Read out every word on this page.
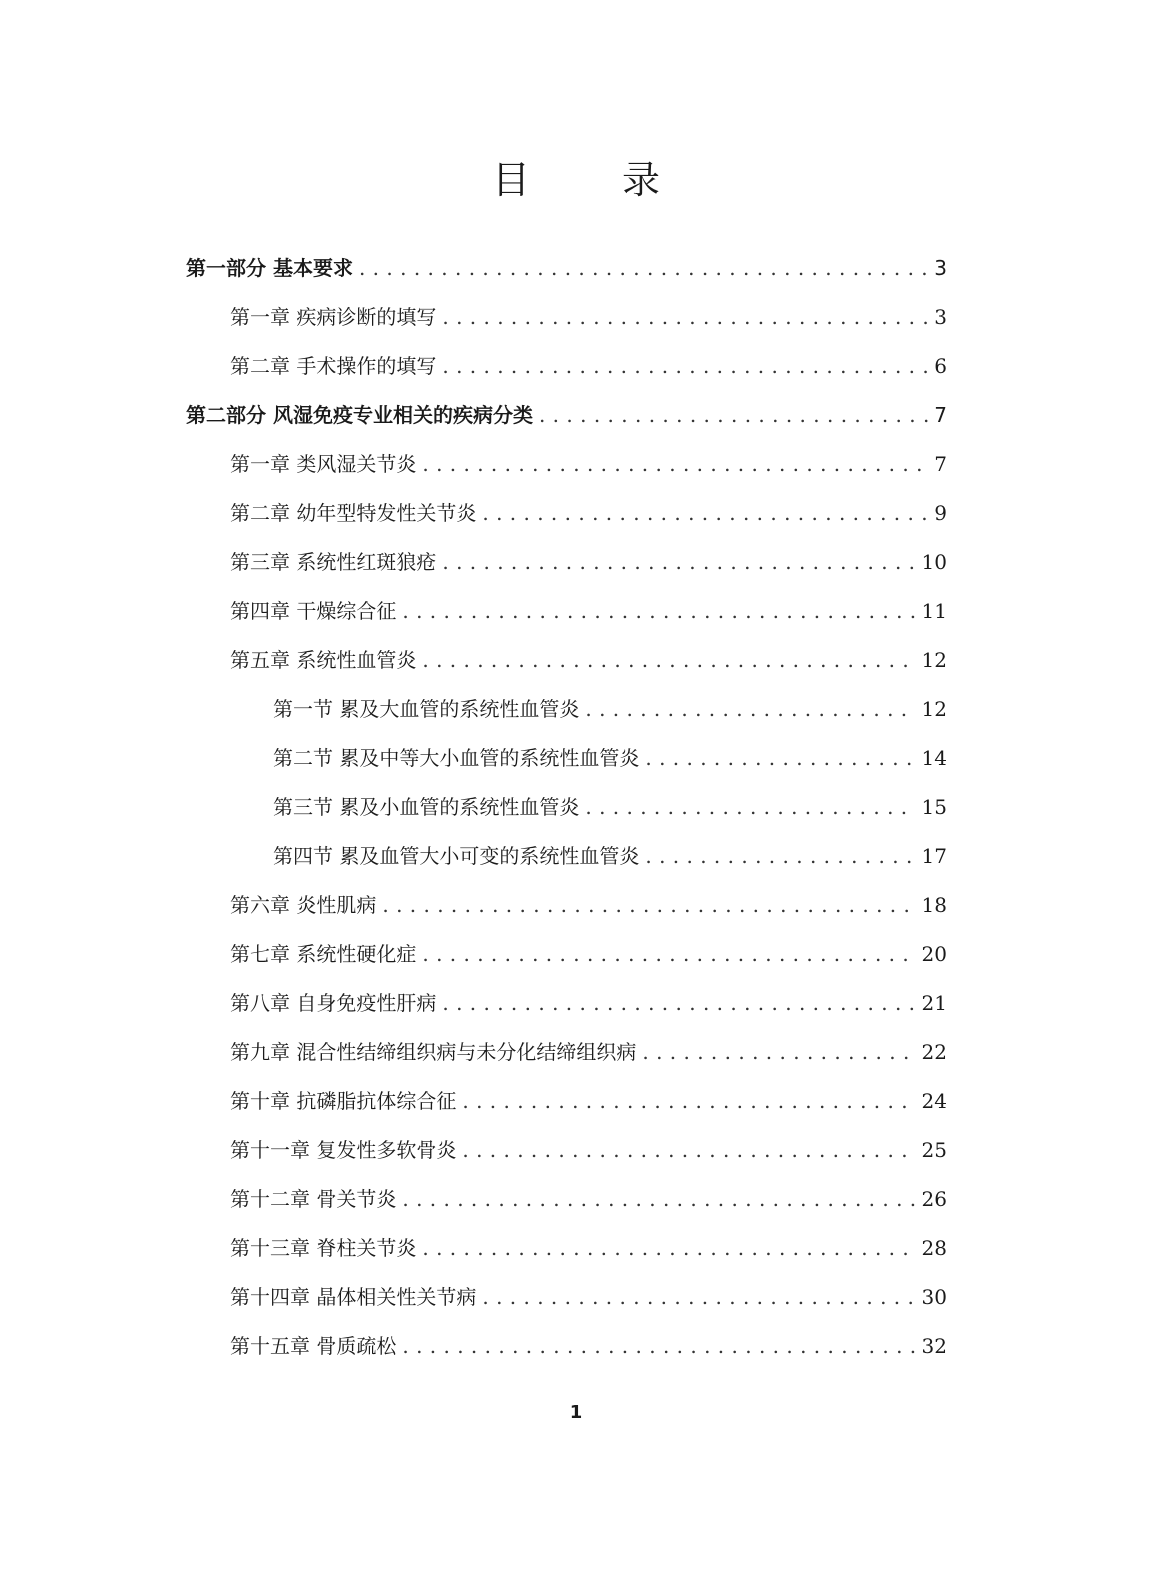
目 录
第一部分 基本要求 . . .	3
第一章 疾病诊断的填写 . . .	3
第二章 手术操作的填写 . . .	6
第二部分 风湿免疫专业相关的疾病分类 . . .	7
第一章 类风湿关节炎 . . .	7
第二章 幼年型特发性关节炎 . . .	9
第三章 系统性红斑狼疮 . . .	10
第四章 干燥综合征 . . .	11
第五章 系统性血管炎 . . .	12
第一节 累及大血管的系统性血管炎 . . .	12
第二节 累及中等大小血管的系统性血管炎 . . .	14
第三节 累及小血管的系统性血管炎 . . .	15
第四节 累及血管大小可变的系统性血管炎 . . .	17
第六章 炎性肌病 . . .	18
第七章 系统性硬化症 . . .	20
第八章 自身免疫性肝病 . . .	21
第九章 混合性结缔组织病与未分化结缔组织病 . . .	22
第十章 抗磷脂抗体综合征 . . .	24
第十一章 复发性多软骨炎 . . .	25
第十二章 骨关节炎 . . .	26
第十三章 脊柱关节炎 . . .	28
第十四章 晶体相关性关节病 . . .	30
第十五章 骨质疏松 . . .	32
1
